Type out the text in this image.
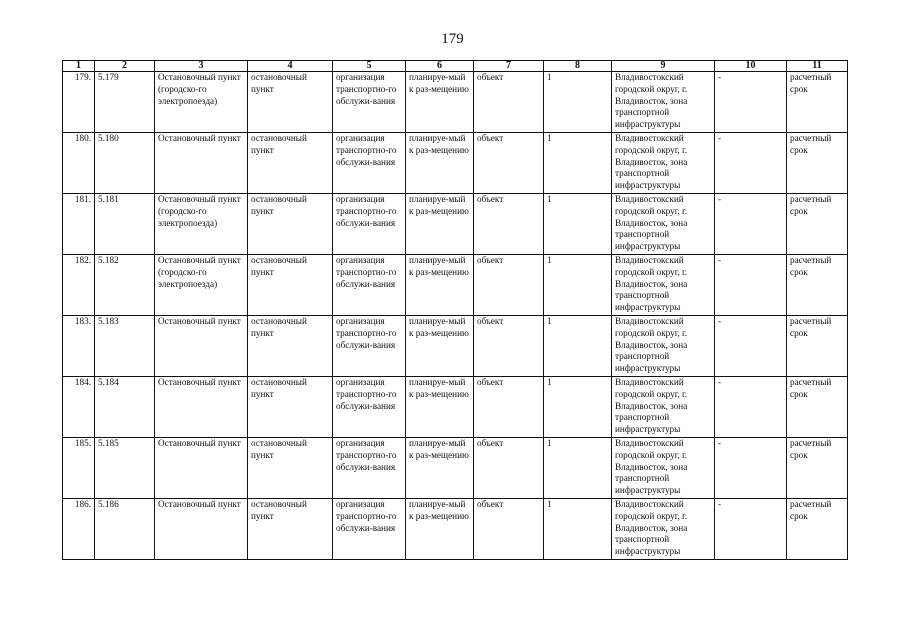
179
1	2	3	4	5	6	7	8	9	10	11
179.	5.179	Остановочный пункт (городско-го электропоезда)	остановочный пункт	организация транспортно-го обслужи-вания	планируе-мый к раз-мещению	объект	1	Владивостокский городской округ, г. Владивосток, зона транспортной инфраструктуры	-	расчетный срок
180.	5.180	Остановочный пункт	остановочный пункт	организация транспортно-го обслужи-вания	планируе-мый к раз-мещению	объект	1	Владивостокский городской округ, г. Владивосток, зона транспортной инфраструктуры	-	расчетный срок
181.	5.181	Остановочный пункт (городско-го электропоезда)	остановочный пункт	организация транспортно-го обслужи-вания	планируе-мый к раз-мещению	объект	1	Владивостокский городской округ, г. Владивосток, зона транспортной инфраструктуры	-	расчетный срок
182.	5.182	Остановочный пункт (городско-го электропоезда)	остановочный пункт	организация транспортно-го обслужи-вания	планируе-мый к раз-мещению	объект	1	Владивостокский городской округ, г. Владивосток, зона транспортной инфраструктуры	-	расчетный срок
183.	5.183	Остановочный пункт	остановочный пункт	организация транспортно-го обслужи-вания	планируе-мый к раз-мещению	объект	1	Владивостокский городской округ, г. Владивосток, зона транспортной инфраструктуры	-	расчетный срок
184.	5.184	Остановочный пункт	остановочный пункт	организация транспортно-го обслужи-вания	планируе-мый к раз-мещению	объект	1	Владивостокский городской округ, г. Владивосток, зона транспортной инфраструктуры	-	расчетный срок
185.	5.185	Остановочный пункт	остановочный пункт	организация транспортно-го обслужи-вания	планируе-мый к раз-мещению	объект	1	Владивостокский городской округ, г. Владивосток, зона транспортной инфраструктуры	-	расчетный срок
186.	5.186	Остановочный пункт	остановочный пункт	организация транспортно-го обслужи-вания	планируе-мый к раз-мещению	объект	1	Владивостокский городской округ, г. Владивосток, зона транспортной инфраструктуры	-	расчетный срок
